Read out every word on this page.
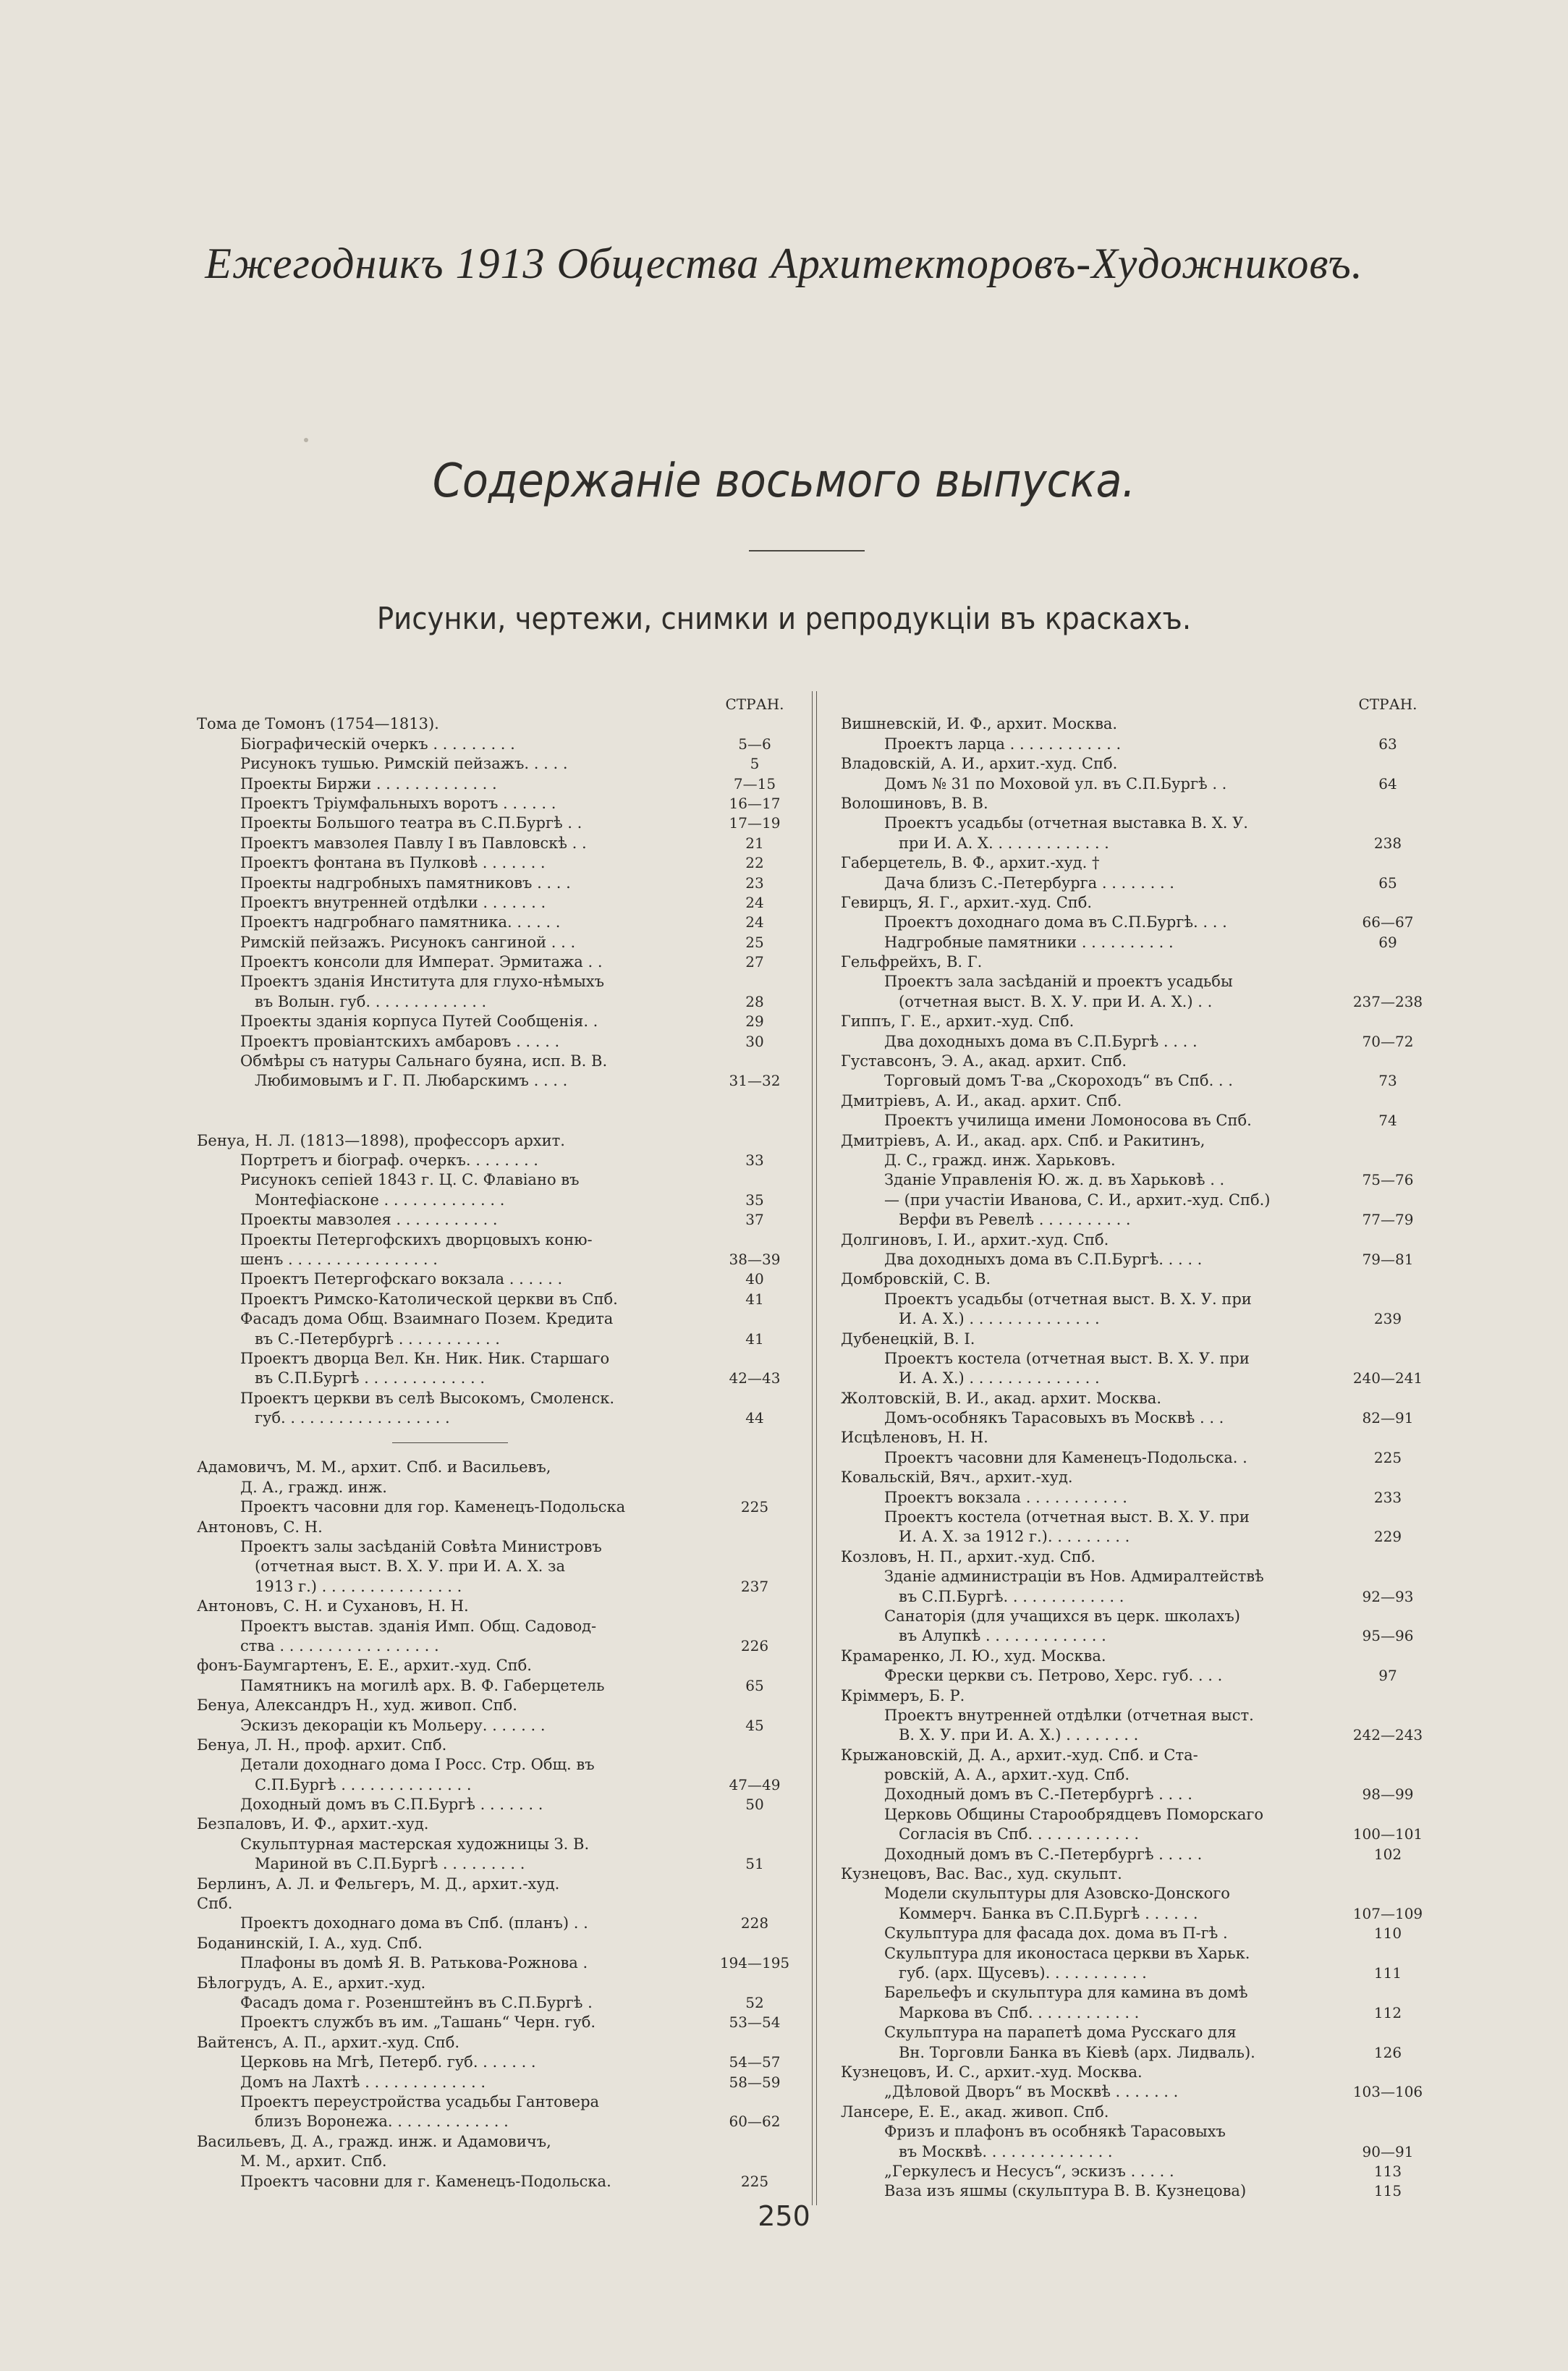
Ежегодникъ 1913 Общества Архитекторовъ-Художниковъ.
Содержаніе восьмого выпуска.
Рисунки, чертежи, снимки и репродукціи въ краскахъ.
СТРАН.
Тома де Томонъ (1754—1813).
Біографическій очеркъ . . . . . . . . .	5—6
Рисунокъ тушью. Римскій пейзажъ. . . . .	5
Проекты Биржи . . . . . . . . . . . . .	7—15
Проектъ Тріумфальныхъ воротъ . . . . . .	16—17
Проекты Большого театра въ С.П.Бургѣ . .	17—19
Проектъ мавзолея Павлу I въ Павловскѣ . .	21
Проектъ фонтана въ Пулковѣ . . . . . . .	22
Проекты надгробныхъ памятниковъ . . . .	23
Проектъ внутренней отдѣлки . . . . . . .	24
Проектъ надгробнаго памятника. . . . . .	24
Римскій пейзажъ. Рисунокъ сангиной . . .	25
Проектъ консоли для Императ. Эрмитажа . .	27
Проектъ зданія Института для глухо-нѣмыхъ
въ Волын. губ. . . . . . . . . . . . .	28
Проекты зданія корпуса Путей Сообщенія. .	29
Проектъ провіантскихъ амбаровъ . . . . .	30
Обмѣры съ натуры Сальнаго буяна, исп. В. В.
Любимовымъ и Г. П. Любарскимъ . . . .	31—32
Бенуа, Н. Л. (1813—1898), профессоръ архит.
Портретъ и біограф. очеркъ. . . . . . . .	33
Рисунокъ сепіей 1843 г. Ц. С. Флавіано въ
Монтефіасконе . . . . . . . . . . . . .	35
Проекты мавзолея . . . . . . . . . . .	37
Проекты Петергофскихъ дворцовыхъ коню-
шенъ . . . . . . . . . . . . . . . .	38—39
Проектъ Петергофскаго вокзала . . . . . .	40
Проектъ Римско-Католической церкви въ Спб.	41
Фасадъ дома Общ. Взаимнаго Позем. Кредита
въ С.-Петербургѣ . . . . . . . . . . .	41
Проектъ дворца Вел. Кн. Ник. Ник. Старшаго
въ С.П.Бургѣ . . . . . . . . . . . . .	42—43
Проектъ церкви въ селѣ Высокомъ, Смоленск.
губ. . . . . . . . . . . . . . . . . .	44
Адамовичъ, М. М., архит. Спб. и Васильевъ,
Д. А., гражд. инж.
Проектъ часовни для гор. Каменецъ-Подольска	225
Антоновъ, С. Н.
Проектъ залы засѣданій Совѣта Министровъ
(отчетная выст. В. Х. У. при И. А. Х. за
1913 г.) . . . . . . . . . . . . . . .	237
Антоновъ, С. Н. и Сухановъ, Н. Н.
Проектъ выстав. зданія Имп. Общ. Садовод-
ства . . . . . . . . . . . . . . . . .	226
фонъ-Баумгартенъ, Е. Е., архит.-худ. Спб.
Памятникъ на могилѣ арх. В. Ф. Габерцетель	65
Бенуа, Александръ Н., худ. живоп. Спб.
Эскизъ декораціи къ Мольеру. . . . . . .	45
Бенуа, Л. Н., проф. архит. Спб.
Детали доходнаго дома I Росс. Стр. Общ. въ
С.П.Бургѣ . . . . . . . . . . . . . .	47—49
Доходный домъ въ С.П.Бургѣ . . . . . . .	50
Безпаловъ, И. Ф., архит.-худ.
Скульптурная мастерская художницы З. В.
Мариной въ С.П.Бургѣ . . . . . . . . .	51
Берлинъ, А. Л. и Фельгеръ, М. Д., архит.-худ.
Спб.
Проектъ доходнаго дома въ Спб. (планъ) . .	228
Боданинскій, I. А., худ. Спб.
Плафоны въ домѣ Я. В. Ратькова-Рожнова .	194—195
Бѣлогрудъ, А. Е., архит.-худ.
Фасадъ дома г. Розенштейнъ въ С.П.Бургѣ .	52
Проектъ службъ въ им. „Ташань“ Черн. губ.	53—54
Вайтенсъ, А. П., архит.-худ. Спб.
Церковь на Мгѣ, Петерб. губ. . . . . . .	54—57
Домъ на Лахтѣ . . . . . . . . . . . . .	58—59
Проектъ переустройства усадьбы Гантовера
близъ Воронежа. . . . . . . . . . . . .	60—62
Васильевъ, Д. А., гражд. инж. и Адамовичъ,
М. М., архит. Спб.
Проектъ часовни для г. Каменецъ-Подольска.	225
СТРАН.
Вишневскій, И. Ф., архит. Москва.
Проектъ ларца . . . . . . . . . . . .	63
Владовскій, А. И., архит.-худ. Спб.
Домъ № 31 по Моховой ул. въ С.П.Бургѣ . .	64
Волошиновъ, В. В.
Проектъ усадьбы (отчетная выставка В. Х. У.
при И. А. Х. . . . . . . . . . . . .	238
Габерцетель, В. Ф., архит.-худ. †
Дача близъ С.-Петербурга . . . . . . . .	65
Гевирцъ, Я. Г., архит.-худ. Спб.
Проектъ доходнаго дома въ С.П.Бургѣ. . . .	66—67
Надгробные памятники . . . . . . . . . .	69
Гельфрейхъ, В. Г.
Проектъ зала засѣданій и проектъ усадьбы
(отчетная выст. В. Х. У. при И. А. Х.) . .	237—238
Гиппъ, Г. Е., архит.-худ. Спб.
Два доходныхъ дома въ С.П.Бургѣ . . . .	70—72
Густавсонъ, Э. А., акад. архит. Спб.
Торговый домъ Т-ва „Скороходъ“ въ Спб. . .	73
Дмитріевъ, А. И., акад. архит. Спб.
Проектъ училища имени Ломоносова въ Спб.	74
Дмитріевъ, А. И., акад. арх. Спб. и Ракитинъ,
Д. С., гражд. инж. Харьковъ.
Зданіе Управленія Ю. ж. д. въ Харьковѣ . .	75—76
— (при участіи Иванова, С. И., архит.-худ. Спб.)
Верфи въ Ревелѣ . . . . . . . . . .	77—79
Долгиновъ, I. И., архит.-худ. Спб.
Два доходныхъ дома въ С.П.Бургѣ. . . . .	79—81
Домбровскій, С. В.
Проектъ усадьбы (отчетная выст. В. Х. У. при
И. А. Х.) . . . . . . . . . . . . . .	239
Дубенецкій, В. I.
Проектъ костела (отчетная выст. В. Х. У. при
И. А. Х.) . . . . . . . . . . . . . .	240—241
Жолтовскій, В. И., акад. архит. Москва.
Домъ-особнякъ Тарасовыхъ въ Москвѣ . . .	82—91
Исцѣленовъ, Н. Н.
Проектъ часовни для Каменецъ-Подольска. .	225
Ковальскій, Вяч., архит.-худ.
Проектъ вокзала . . . . . . . . . . .	233
Проектъ костела (отчетная выст. В. Х. У. при
И. А. Х. за 1912 г.). . . . . . . . .	229
Козловъ, Н. П., архит.-худ. Спб.
Зданіе администраціи въ Нов. Адмиралтействѣ
въ С.П.Бургѣ. . . . . . . . . . . . .	92—93
Санаторія (для учащихся въ церк. школахъ)
въ Алупкѣ . . . . . . . . . . . . .	95—96
Крамаренко, Л. Ю., худ. Москва.
Фрески церкви съ. Петрово, Херс. губ. . . .	97
Кріммеръ, Б. Р.
Проектъ внутренней отдѣлки (отчетная выст.
В. Х. У. при И. А. Х.) . . . . . . . .	242—243
Крыжановскій, Д. А., архит.-худ. Спб. и Ста-
ровскій, А. А., архит.-худ. Спб.
Доходный домъ въ С.-Петербургѣ . . . .	98—99
Церковь Общины Старообрядцевъ Поморскаго
Согласія въ Спб. . . . . . . . . . . .	100—101
Доходный домъ въ С.-Петербургѣ . . . . .	102
Кузнецовъ, Вас. Вас., худ. скульпт.
Модели скульптуры для Азовско-Донского
Коммерч. Банка въ С.П.Бургѣ . . . . . .	107—109
Скульптура для фасада дох. дома въ П-гѣ .	110
Скульптура для иконостаса церкви въ Харьк.
губ. (арх. Щусевъ). . . . . . . . . . .	111
Барельефъ и скульптура для камина въ домѣ
Маркова въ Спб. . . . . . . . . . . .	112
Скульптура на парапетѣ дома Русскаго для
Вн. Торговли Банка въ Кіевѣ (арх. Лидваль).	126
Кузнецовъ, И. С., архит.-худ. Москва.
„Дѣловой Дворъ“ въ Москвѣ . . . . . . .	103—106
Лансере, Е. Е., акад. живоп. Спб.
Фризъ и плафонъ въ особнякѣ Тарасовыхъ
въ Москвѣ. . . . . . . . . . . . . .	90—91
„Геркулесъ и Несусъ“, эскизъ . . . . .	113
Ваза изъ яшмы (скульптура В. В. Кузнецова)	115
250
